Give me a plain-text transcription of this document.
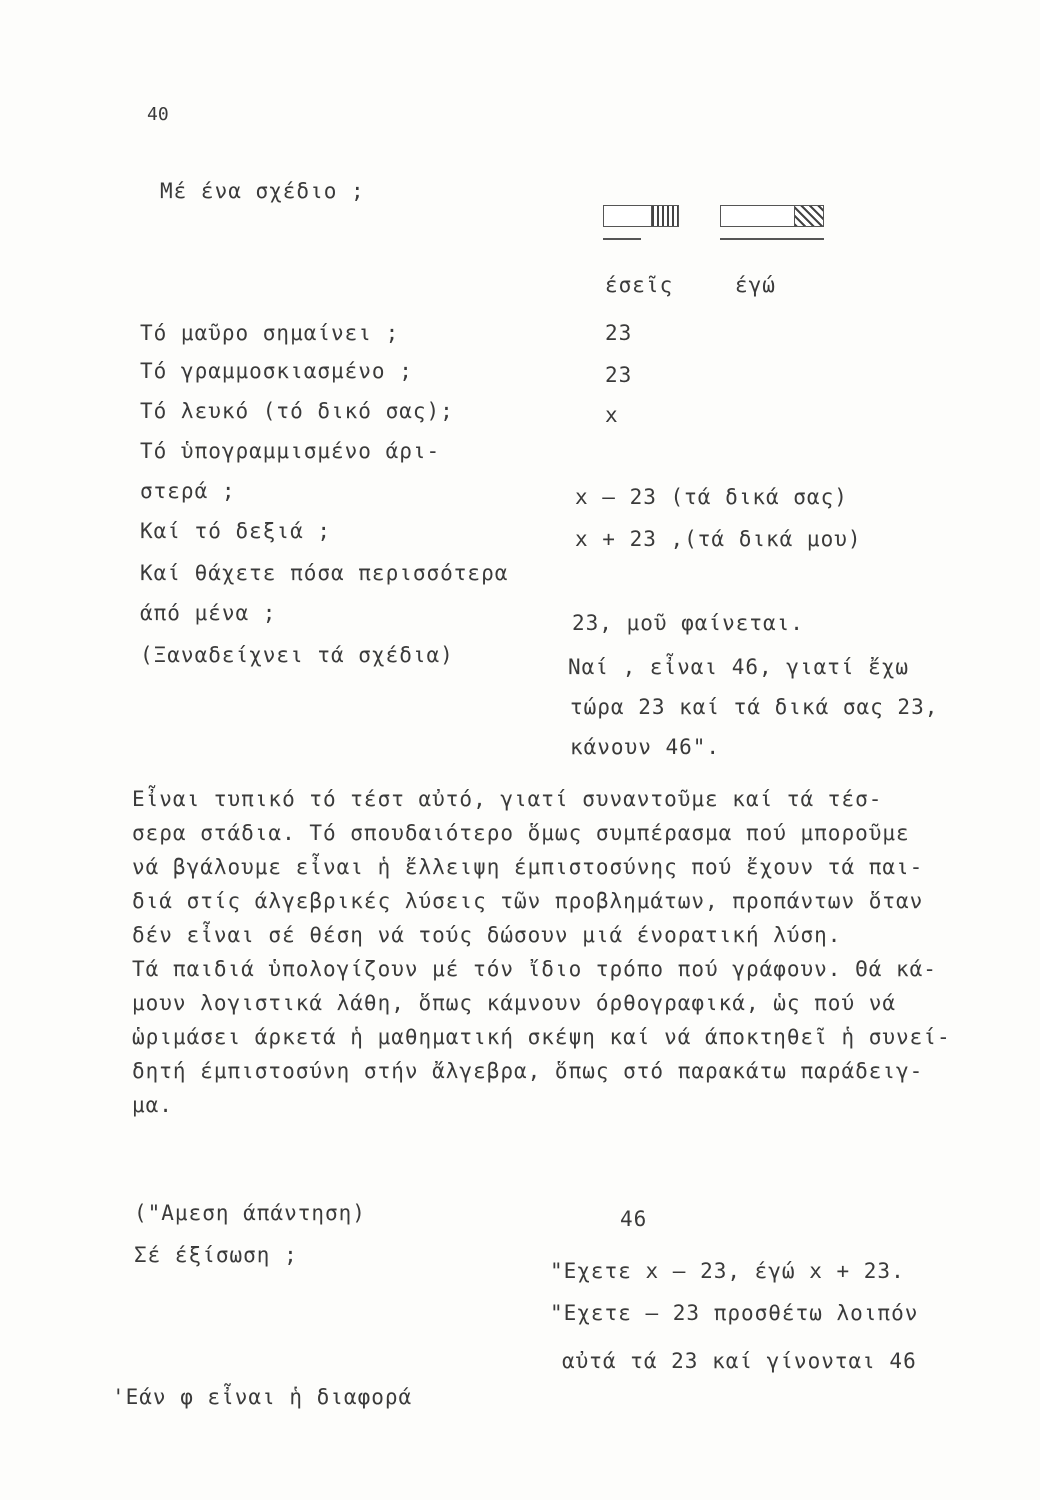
40
Μέ ένα σχέδιο ;
έσεῖς	έγώ
Τό μαῦρο σημαίνει ;	23
Τό γραμμοσκιασμένο ;	23
Τό λευκό (τό δικό σας);	x
Τό ὑπογραμμισμένο άρι-
στερά ;	x – 23 (τά δικά σας)
Καί τό δεξιά ;	x + 23 ,(τά δικά μου)
Καί θάχετε πόσα περισσότερα
άπό μένα ;	23, μοῦ φαίνεται.
(Ξαναδείχνει τά σχέδια)	Ναί , εἶναι 46, γιατί ἔχω
τώρα 23 καί τά δικά σας 23,
κάνουν 46".
Εἶναι τυπικό τό τέστ αὐτό, γιατί συναντοῦμε καί τά τέσ-
σερα στάδια. Τό σπουδαιότερο ὅμως συμπέρασμα πού μποροῦμε
νά βγάλουμε εἶναι ἡ ἔλλειψη έμπιστοσύνης πού ἔχουν τά παι-
διά στίς άλγεβρικές λύσεις τῶν προβλημάτων, προπάντων ὅταν
δέν εἶναι σέ θέση νά τούς δώσουν μιά ένορατική λύση.
Τά παιδιά ὑπολογίζουν μέ τόν ἴδιο τρόπο πού γράφουν. Θά κά-
μουν λογιστικά λάθη, ὅπως κάμνουν όρθογραφικά, ὡς πού νά
ὡριμάσει άρκετά ἡ μαθηματική σκέψη καί νά άποκτηθεῖ ἡ συνεί-
δητή έμπιστοσύνη στήν ἄλγεβρα, ὅπως στό παρακάτω παράδειγ-
μα.
("Αμεση άπάντηση)	46
Σέ έξίσωση ;
"Εχετε x – 23, έγώ x + 23.
"Εχετε – 23 προσθέτω λοιπόν
αὐτά τά 23 καί γίνονται 46
'Εάν φ εἶναι ἡ διαφορά
